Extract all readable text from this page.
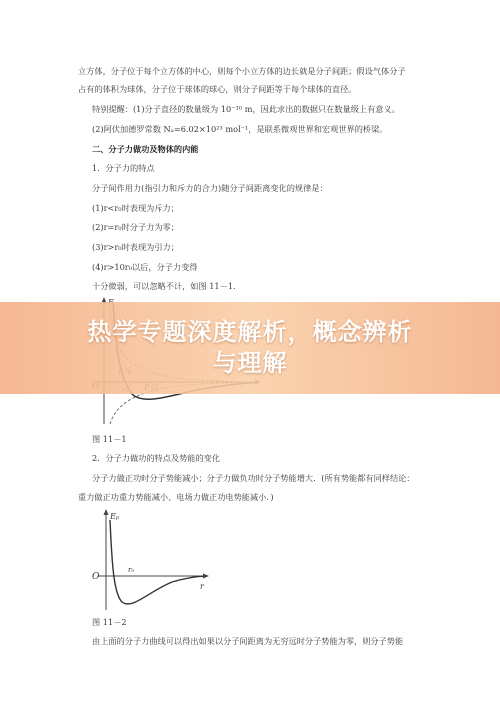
立方体，分子位于每个立方体的中心，则每个小立方体的边长就是分子间距；假设气体分子
占有的体积为球体，分子位于球体的球心，则分子间距等于每个球体的直径。
特别提醒：(1)分子直径的数量级为 10⁻¹⁰ m，因此求出的数据只在数量级上有意义。
(2)阿伏加德罗常数 Nₐ=6.02×10²³ mol⁻¹，是联系微观世界和宏观世界的桥梁。
二、分子力做功及物体的内能
1．分子力的特点
分子间作用力(指引力和斥力的合力)随分子间距离变化的规律是：
(1)r<r₀时表现为斥力；
(2)r=r₀时分子力为零；
(3)r>r₀时表现为引力；
(4)r>10r₀以后，分子力变得
十分微弱，可以忽略不计，如图 11－1.
图 11－1
2．分子力做功的特点及势能的变化
分子力做正功时分子势能减小；分子力做负功时分子势能增大．(所有势能都有同样结论：
重力做正功重力势能减小、电场力做正功电势能减小．)
Eₚ
O
r₀
r
图 11－2
由上面的分子力曲线可以得出如果以分子间距离为无穷远时分子势能为零，则分子势能
热学专题深度解析，概念辨析
与理解
